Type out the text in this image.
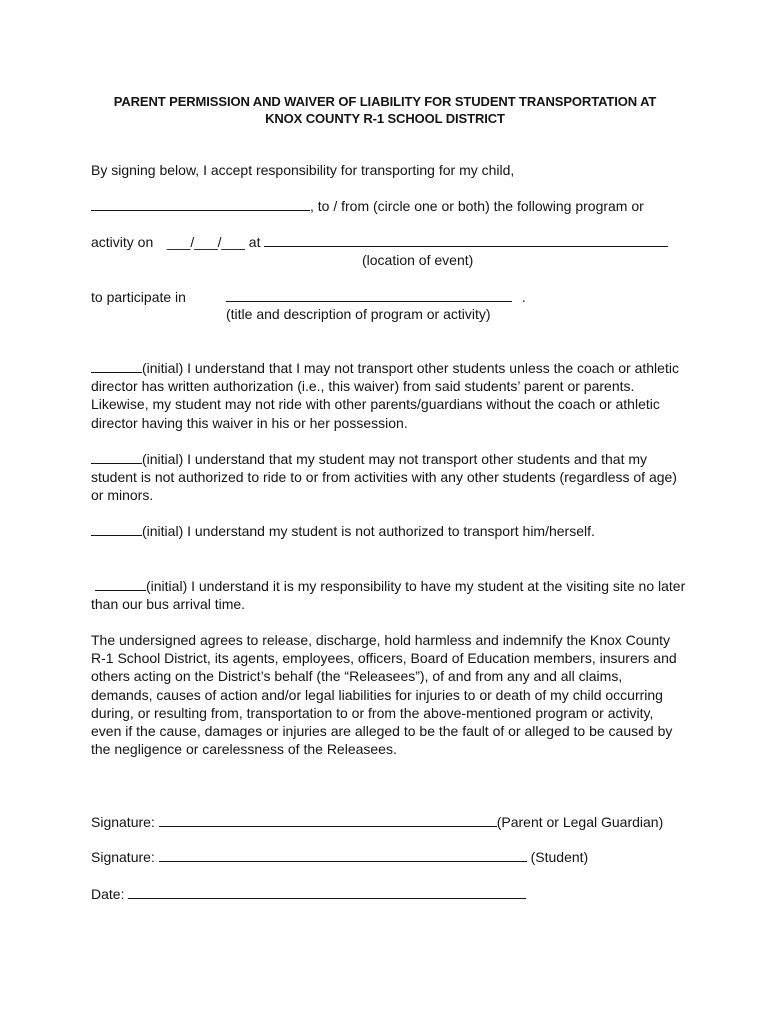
PARENT PERMISSION AND WAIVER OF LIABILITY FOR STUDENT TRANSPORTATION AT
KNOX COUNTY R-1 SCHOOL DISTRICT
By signing below, I accept responsibility for transporting for my child,
, to / from (circle one or both) the following program or
activity on ___/___/___ at
(location of event)
to participate in	.
(title and description of program or activity)
(initial) I understand that I may not transport other students unless the coach or athletic director has written authorization (i.e., this waiver) from said students’ parent or parents. Likewise, my student may not ride with other parents/guardians without the coach or athletic director having this waiver in his or her possession.
(initial) I understand that my student may not transport other students and that my student is not authorized to ride to or from activities with any other students (regardless of age) or minors.
(initial) I understand my student is not authorized to transport him/herself.
(initial) I understand it is my responsibility to have my student at the visiting site no later than our bus arrival time.
The undersigned agrees to release, discharge, hold harmless and indemnify the Knox County R-1 School District, its agents, employees, officers, Board of Education members, insurers and others acting on the District’s behalf (the “Releasees”), of and from any and all claims, demands, causes of action and/or legal liabilities for injuries to or death of my child occurring during, or resulting from, transportation to or from the above-mentioned program or activity, even if the cause, damages or injuries are alleged to be the fault of or alleged to be caused by the negligence or carelessness of the Releasees.
Signature:	(Parent or Legal Guardian)
Signature:	(Student)
Date:
